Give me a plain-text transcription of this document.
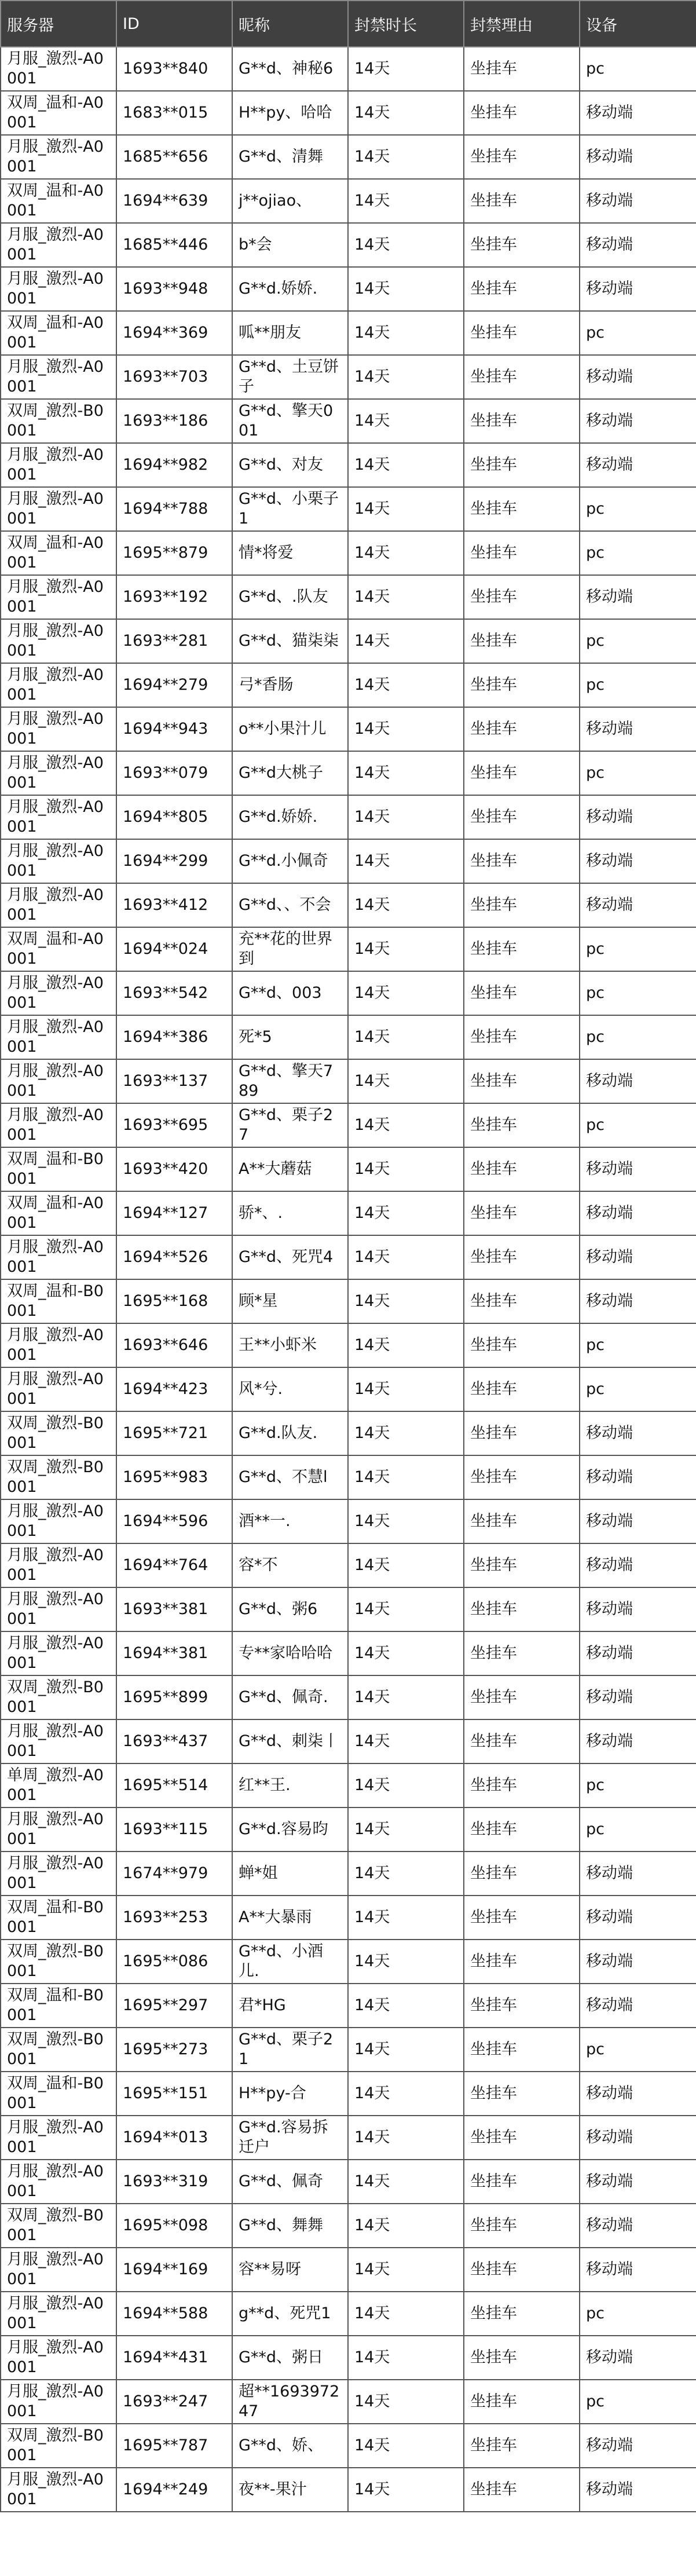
服务器	ID	昵称	封禁时长	封禁理由	设备
月服_激烈-A0001	1693**840	G**d、神秘6	14天	坐挂车	pc
双周_温和-A0001	1683**015	H**py、哈哈	14天	坐挂车	移动端
月服_激烈-A0001	1685**656	G**d、清舞	14天	坐挂车	移动端
双周_温和-A0001	1694**639	j**ojiao、	14天	坐挂车	移动端
月服_激烈-A0001	1685**446	b*会	14天	坐挂车	移动端
月服_激烈-A0001	1693**948	G**d.娇娇.	14天	坐挂车	移动端
双周_温和-A0001	1694**369	呱**朋友	14天	坐挂车	pc
月服_激烈-A0001	1693**703	G**d、土豆饼子	14天	坐挂车	移动端
双周_激烈-B0001	1693**186	G**d、擎天001	14天	坐挂车	移动端
月服_激烈-A0001	1694**982	G**d、对友	14天	坐挂车	移动端
月服_激烈-A0001	1694**788	G**d、小栗子1	14天	坐挂车	pc
双周_温和-A0001	1695**879	情*将爱	14天	坐挂车	pc
月服_激烈-A0001	1693**192	G**d、.队友	14天	坐挂车	移动端
月服_激烈-A0001	1693**281	G**d、猫柒柒	14天	坐挂车	pc
月服_激烈-A0001	1694**279	弓*香肠	14天	坐挂车	pc
月服_激烈-A0001	1694**943	o**小果汁儿	14天	坐挂车	移动端
月服_激烈-A0001	1693**079	G**d大桃子	14天	坐挂车	pc
月服_激烈-A0001	1694**805	G**d.娇娇.	14天	坐挂车	移动端
月服_激烈-A0001	1694**299	G**d.小佩奇	14天	坐挂车	移动端
月服_激烈-A0001	1693**412	G**d、、不会	14天	坐挂车	移动端
双周_温和-A0001	1694**024	充**花的世界到	14天	坐挂车	pc
月服_激烈-A0001	1693**542	G**d、003	14天	坐挂车	pc
月服_激烈-A0001	1694**386	死*5	14天	坐挂车	pc
月服_激烈-A0001	1693**137	G**d、擎天789	14天	坐挂车	移动端
月服_激烈-A0001	1693**695	G**d、栗子27	14天	坐挂车	pc
双周_温和-B0001	1693**420	A**大蘑菇	14天	坐挂车	移动端
双周_温和-A0001	1694**127	骄*、.	14天	坐挂车	移动端
月服_激烈-A0001	1694**526	G**d、死咒4	14天	坐挂车	移动端
双周_温和-B0001	1695**168	顾*星	14天	坐挂车	移动端
月服_激烈-A0001	1693**646	王**小虾米	14天	坐挂车	pc
月服_激烈-A0001	1694**423	风*兮.	14天	坐挂车	pc
双周_激烈-B0001	1695**721	G**d.队友.	14天	坐挂车	移动端
双周_激烈-B0001	1695**983	G**d、不慧l	14天	坐挂车	移动端
月服_激烈-A0001	1694**596	酒**一.	14天	坐挂车	移动端
月服_激烈-A0001	1694**764	容*不	14天	坐挂车	移动端
月服_激烈-A0001	1693**381	G**d、粥6	14天	坐挂车	移动端
月服_激烈-A0001	1694**381	专**家哈哈哈	14天	坐挂车	移动端
双周_激烈-B0001	1695**899	G**d、佩奇.	14天	坐挂车	移动端
月服_激烈-A0001	1693**437	G**d、刺柒丨	14天	坐挂车	移动端
单周_激烈-A0001	1695**514	红**王.	14天	坐挂车	pc
月服_激烈-A0001	1693**115	G**d.容易昀	14天	坐挂车	pc
月服_激烈-A0001	1674**979	蝉*姐	14天	坐挂车	移动端
双周_温和-B0001	1693**253	A**大暴雨	14天	坐挂车	移动端
双周_激烈-B0001	1695**086	G**d、小酒儿.	14天	坐挂车	移动端
双周_温和-B0001	1695**297	君*HG	14天	坐挂车	移动端
双周_激烈-B0001	1695**273	G**d、栗子21	14天	坐挂车	pc
双周_温和-B0001	1695**151	H**py-合	14天	坐挂车	移动端
月服_激烈-A0001	1694**013	G**d.容易拆迁户	14天	坐挂车	移动端
月服_激烈-A0001	1693**319	G**d、佩奇	14天	坐挂车	移动端
双周_激烈-B0001	1695**098	G**d、舞舞	14天	坐挂车	移动端
月服_激烈-A0001	1694**169	容**易呀	14天	坐挂车	移动端
月服_激烈-A0001	1694**588	g**d、死咒1	14天	坐挂车	pc
月服_激烈-A0001	1694**431	G**d、粥日	14天	坐挂车	移动端
月服_激烈-A0001	1693**247	超**169397247	14天	坐挂车	pc
双周_激烈-B0001	1695**787	G**d、娇、	14天	坐挂车	移动端
月服_激烈-A0001	1694**249	夜**-果汁	14天	坐挂车	移动端
